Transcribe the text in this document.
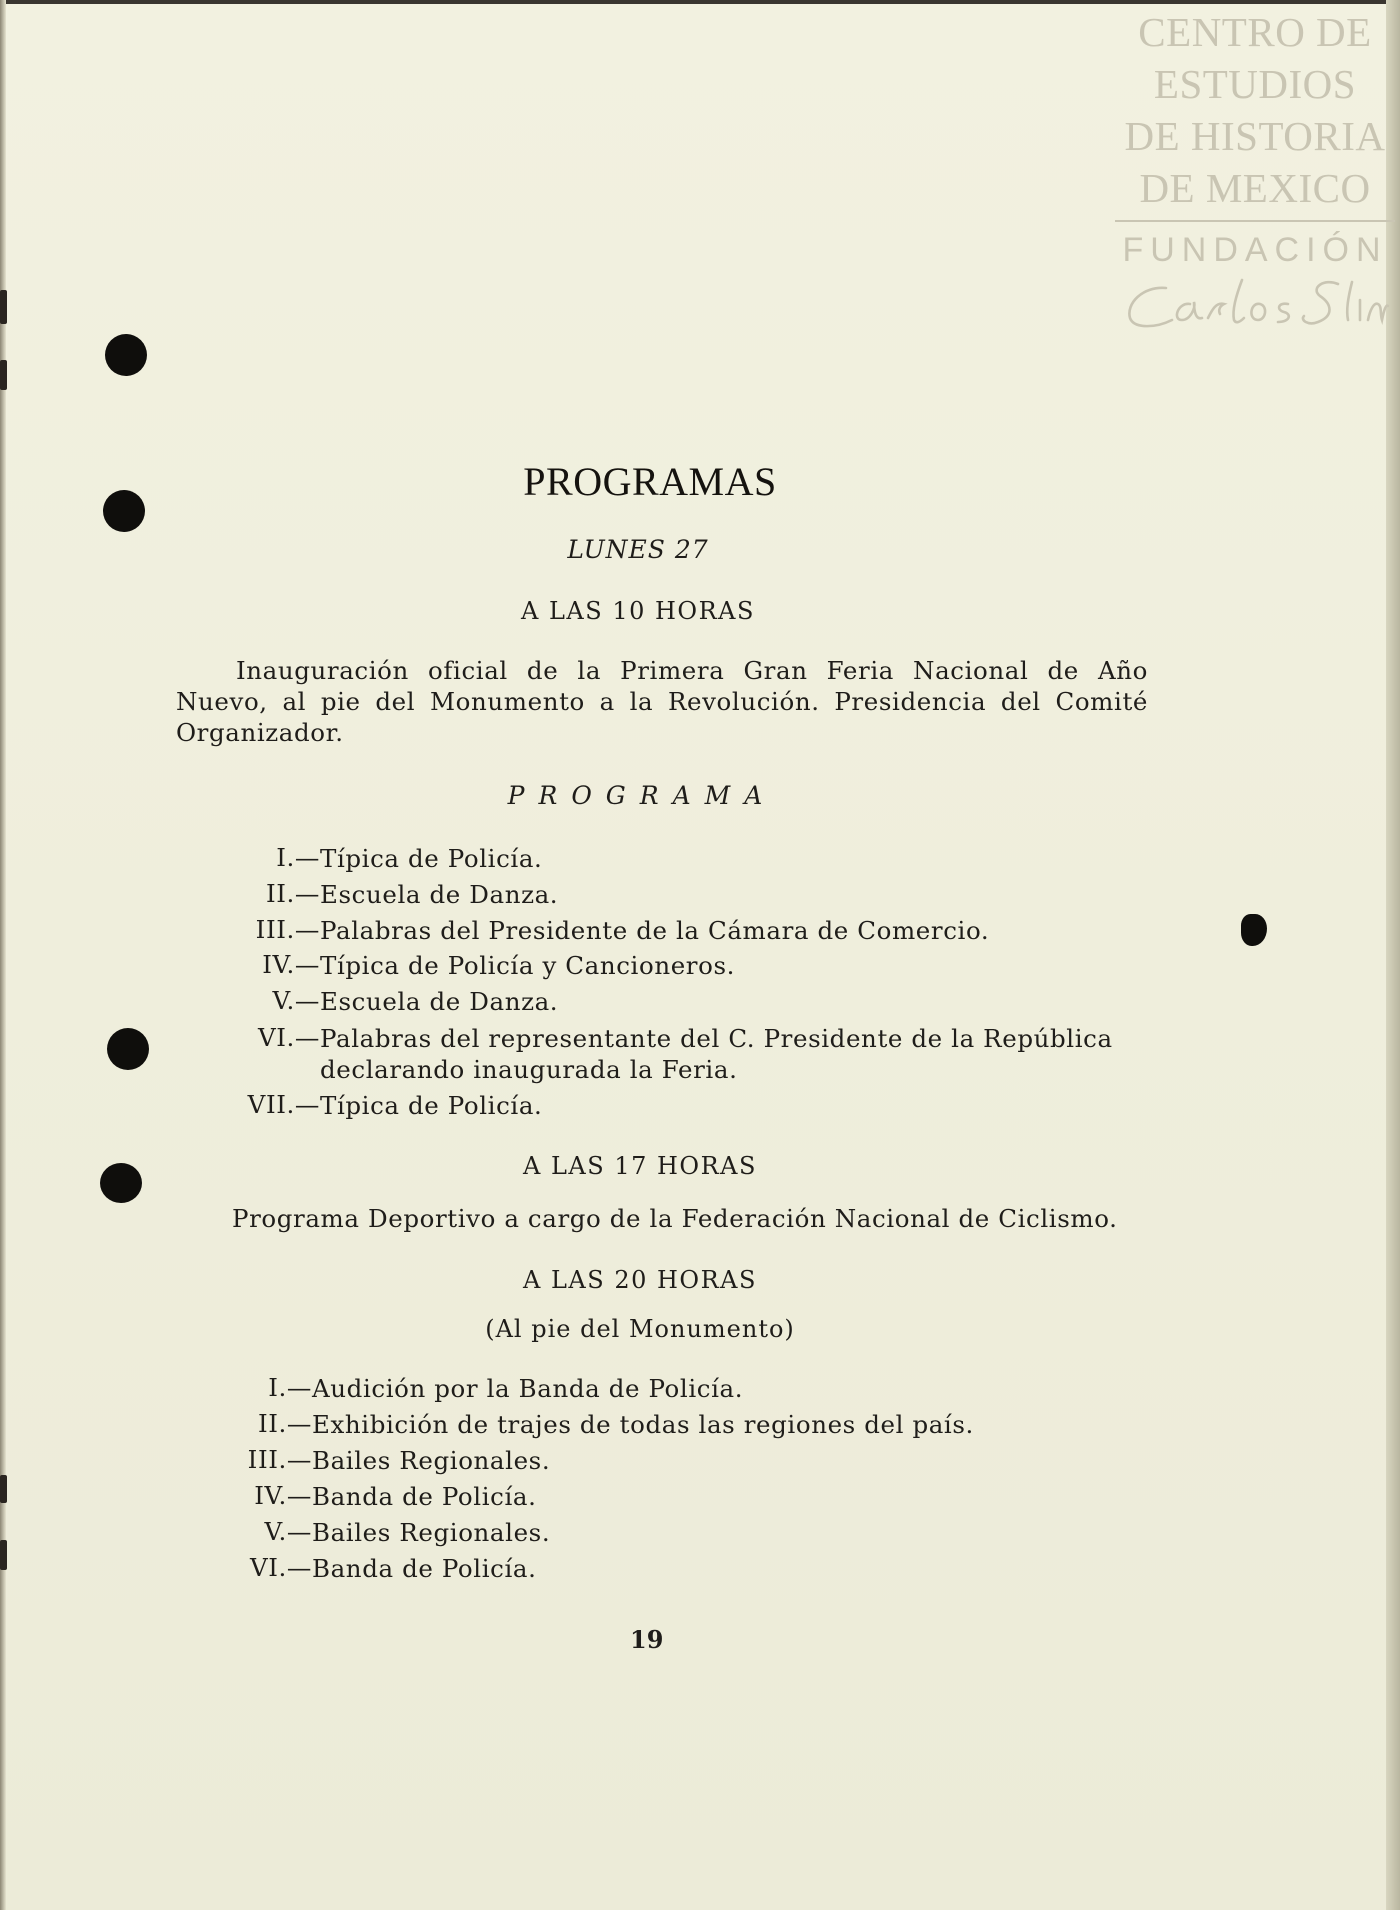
CENTRO DE
ESTUDIOS
DE HISTORIA
DE MEXICO
FUNDACIÓN
PROGRAMAS
LUNES 27
A LAS 10 HORAS
Inauguración oficial de la Primera Gran Feria Nacional de Año Nuevo, al pie del Monumento a la Revolución. Presidencia del Comité Organizador.
PROGRAMA
I.— Típica de Policía.
II.— Escuela de Danza.
III.— Palabras del Presidente de la Cámara de Comercio.
IV.— Típica de Policía y Cancioneros.
V.— Escuela de Danza.
VI.— Palabras del representante del C. Presidente de la República declarando inaugurada la Feria.
VII.— Típica de Policía.
A LAS 17 HORAS
Programa Deportivo a cargo de la Federación Nacional de Ciclismo.
A LAS 20 HORAS
(Al pie del Monumento)
I.— Audición por la Banda de Policía.
II.— Exhibición de trajes de todas las regiones del país.
III.— Bailes Regionales.
IV.— Banda de Policía.
V.— Bailes Regionales.
VI.— Banda de Policía.
19
